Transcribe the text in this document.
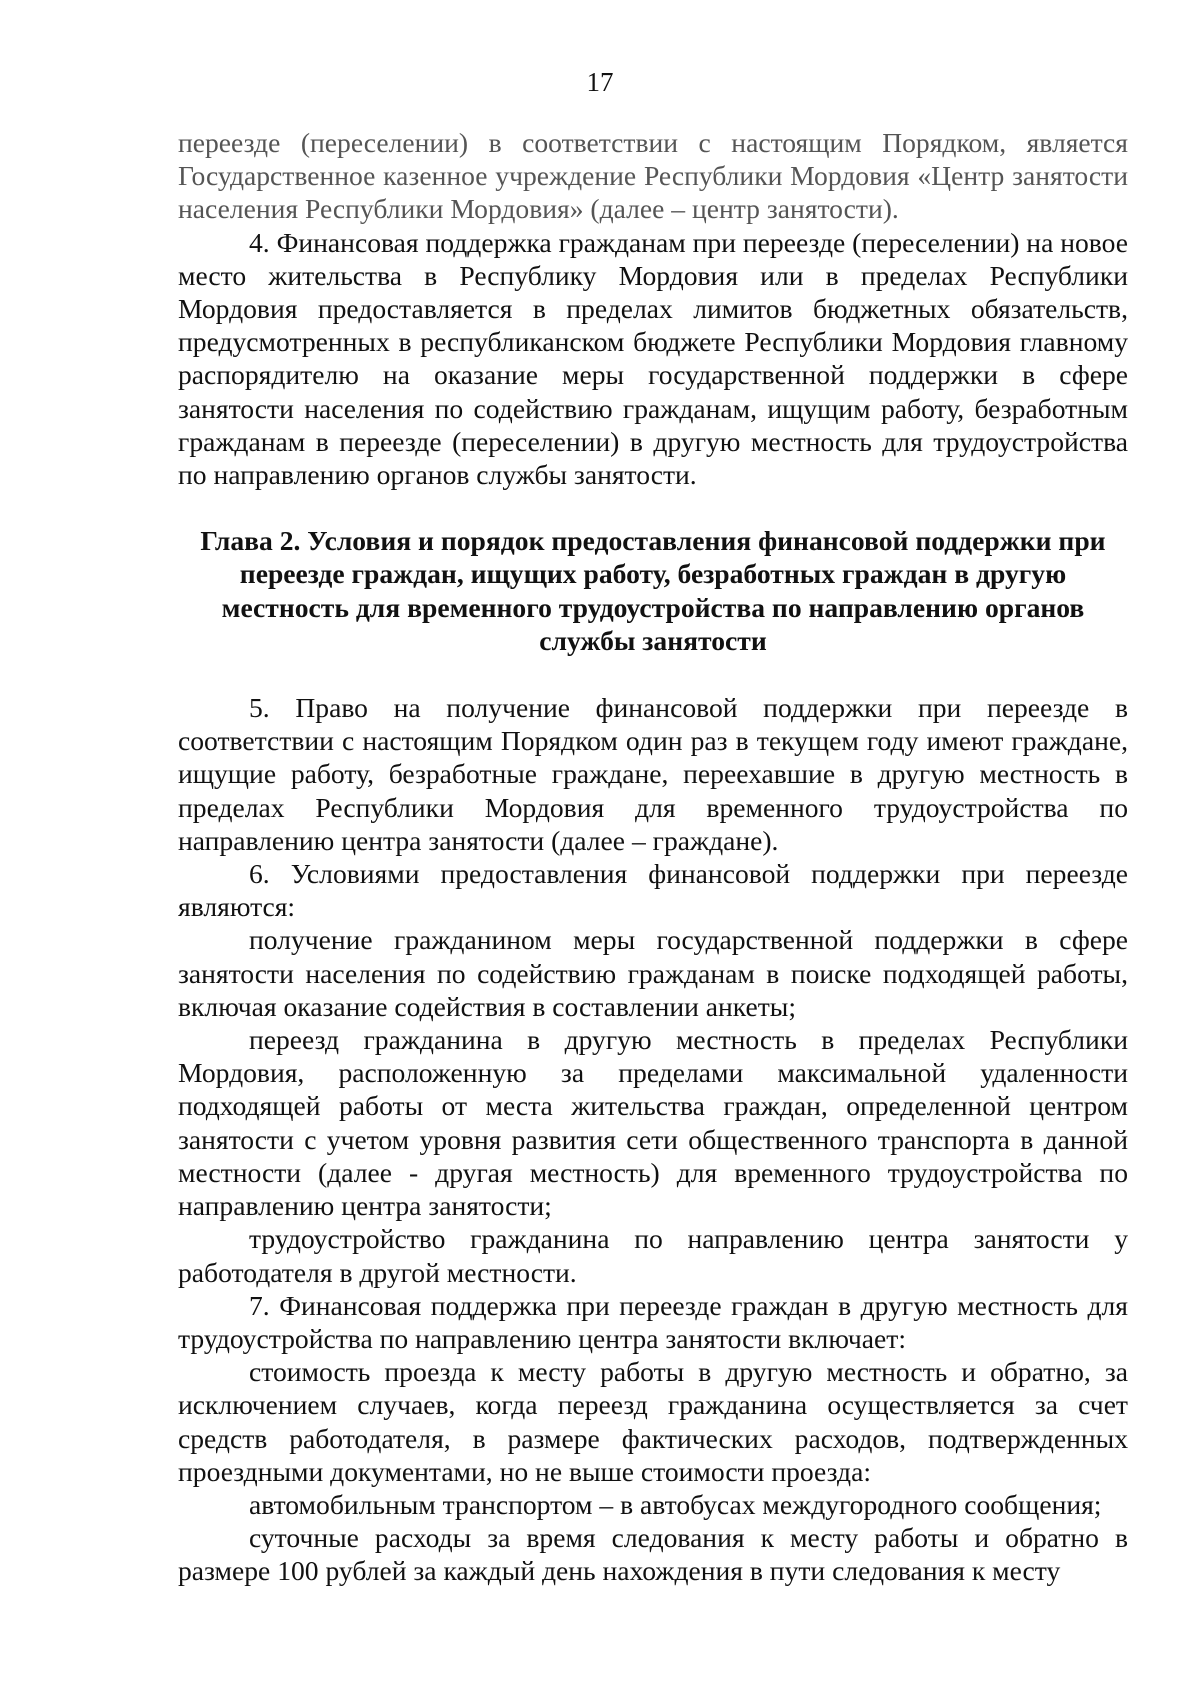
17

переезде (переселении) в соответствии с настоящим Порядком, является Государственное казенное учреждение Республики Мордовия «Центр занятости населения Республики Мордовия» (далее – центр занятости).

4. Финансовая поддержка гражданам при переезде (переселении) на новое место жительства в Республику Мордовия или в пределах Республики Мордовия предоставляется в пределах лимитов бюджетных обязательств, предусмотренных в республиканском бюджете Республики Мордовия главному распорядителю на оказание меры государственной поддержки в сфере занятости населения по содействию гражданам, ищущим работу, безработным гражданам в переезде (переселении) в другую местность для трудоустройства по направлению органов службы занятости.

Глава 2. Условия и порядок предоставления финансовой поддержки при переезде граждан, ищущих работу, безработных граждан в другую местность для временного трудоустройства по направлению органов службы занятости

5. Право на получение финансовой поддержки при переезде в соответствии с настоящим Порядком один раз в текущем году имеют граждане, ищущие работу, безработные граждане, переехавшие в другую местность в пределах Республики Мордовия для временного трудоустройства по направлению центра занятости (далее – граждане).

6. Условиями предоставления финансовой поддержки при переезде являются:

получение гражданином меры государственной поддержки в сфере занятости населения по содействию гражданам в поиске подходящей работы, включая оказание содействия в составлении анкеты;

переезд гражданина в другую местность в пределах Республики Мордовия, расположенную за пределами максимальной удаленности подходящей работы от места жительства граждан, определенной центром занятости с учетом уровня развития сети общественного транспорта в данной местности (далее - другая местность) для временного трудоустройства по направлению центра занятости;

трудоустройство гражданина по направлению центра занятости у работодателя в другой местности.

7. Финансовая поддержка при переезде граждан в другую местность для трудоустройства по направлению центра занятости включает:

стоимость проезда к месту работы в другую местность и обратно, за исключением случаев, когда переезд гражданина осуществляется за счет средств работодателя, в размере фактических расходов, подтвержденных проездными документами, но не выше стоимости проезда:

автомобильным транспортом – в автобусах междугородного сообщения;

суточные расходы за время следования к месту работы и обратно в размере 100 рублей за каждый день нахождения в пути следования к месту
